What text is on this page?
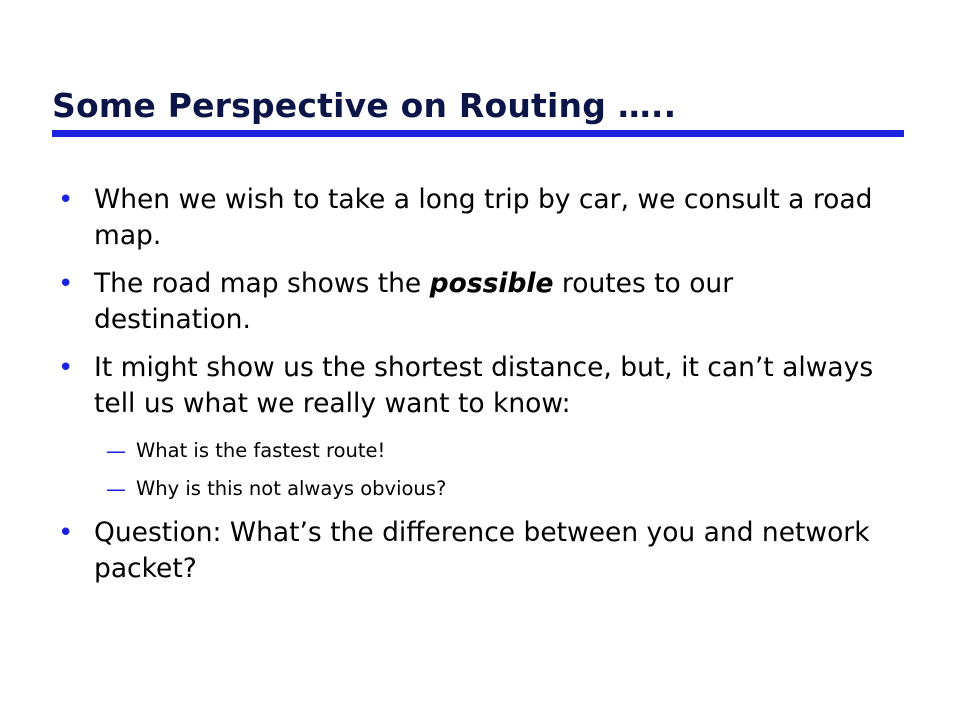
Some Perspective on Routing …..
• When we wish to take a long trip by car, we consult a road map.
• The road map shows the possible routes to our destination.
• It might show us the shortest distance, but, it can’t always tell us what we really want to know:
— What is the fastest route!
— Why is this not always obvious?
• Question: What’s the difference between you and network packet?
